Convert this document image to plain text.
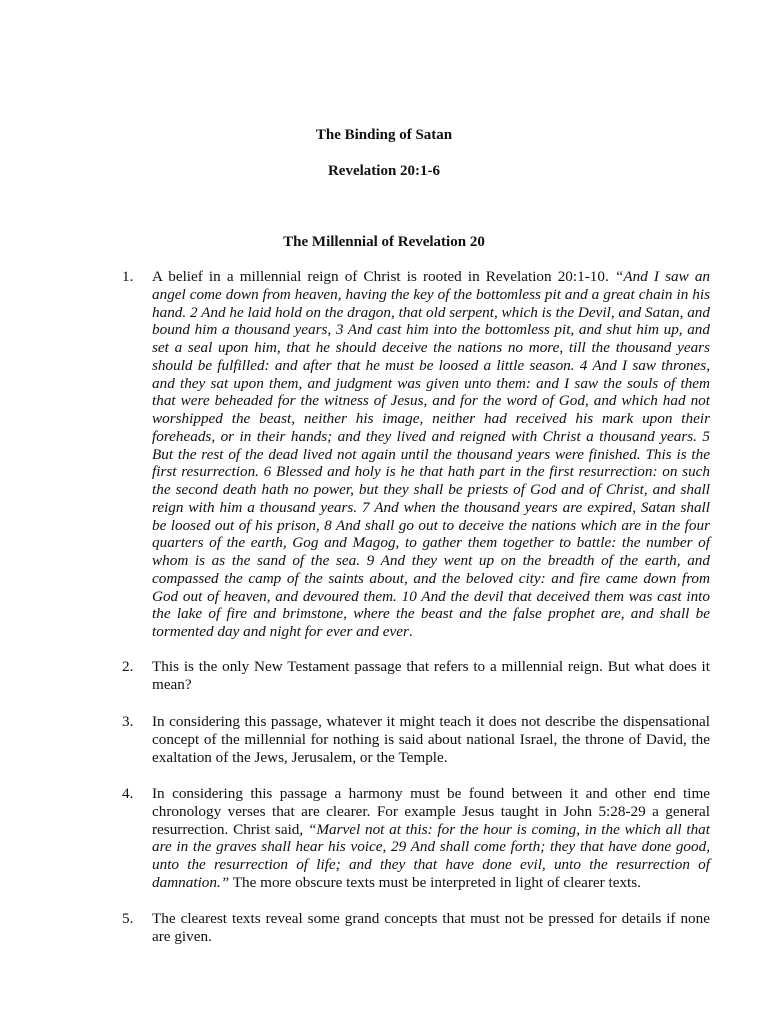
The Binding of Satan
Revelation 20:1-6
The Millennial of Revelation 20
1. A belief in a millennial reign of Christ is rooted in Revelation 20:1-10. “And I saw an angel come down from heaven, having the key of the bottomless pit and a great chain in his hand. 2 And he laid hold on the dragon, that old serpent, which is the Devil, and Satan, and bound him a thousand years, 3 And cast him into the bottomless pit, and shut him up, and set a seal upon him, that he should deceive the nations no more, till the thousand years should be fulfilled: and after that he must be loosed a little season. 4 And I saw thrones, and they sat upon them, and judgment was given unto them: and I saw the souls of them that were beheaded for the witness of Jesus, and for the word of God, and which had not worshipped the beast, neither his image, neither had received his mark upon their foreheads, or in their hands; and they lived and reigned with Christ a thousand years. 5 But the rest of the dead lived not again until the thousand years were finished. This is the first resurrection. 6 Blessed and holy is he that hath part in the first resurrection: on such the second death hath no power, but they shall be priests of God and of Christ, and shall reign with him a thousand years. 7 And when the thousand years are expired, Satan shall be loosed out of his prison, 8 And shall go out to deceive the nations which are in the four quarters of the earth, Gog and Magog, to gather them together to battle: the number of whom is as the sand of the sea. 9 And they went up on the breadth of the earth, and compassed the camp of the saints about, and the beloved city: and fire came down from God out of heaven, and devoured them. 10 And the devil that deceived them was cast into the lake of fire and brimstone, where the beast and the false prophet are, and shall be tormented day and night for ever and ever.
2. This is the only New Testament passage that refers to a millennial reign. But what does it mean?
3. In considering this passage, whatever it might teach it does not describe the dispensational concept of the millennial for nothing is said about national Israel, the throne of David, the exaltation of the Jews, Jerusalem, or the Temple.
4. In considering this passage a harmony must be found between it and other end time chronology verses that are clearer. For example Jesus taught in John 5:28-29 a general resurrection. Christ said, “Marvel not at this: for the hour is coming, in the which all that are in the graves shall hear his voice, 29 And shall come forth; they that have done good, unto the resurrection of life; and they that have done evil, unto the resurrection of damnation.” The more obscure texts must be interpreted in light of clearer texts.
5. The clearest texts reveal some grand concepts that must not be pressed for details if none are given.
